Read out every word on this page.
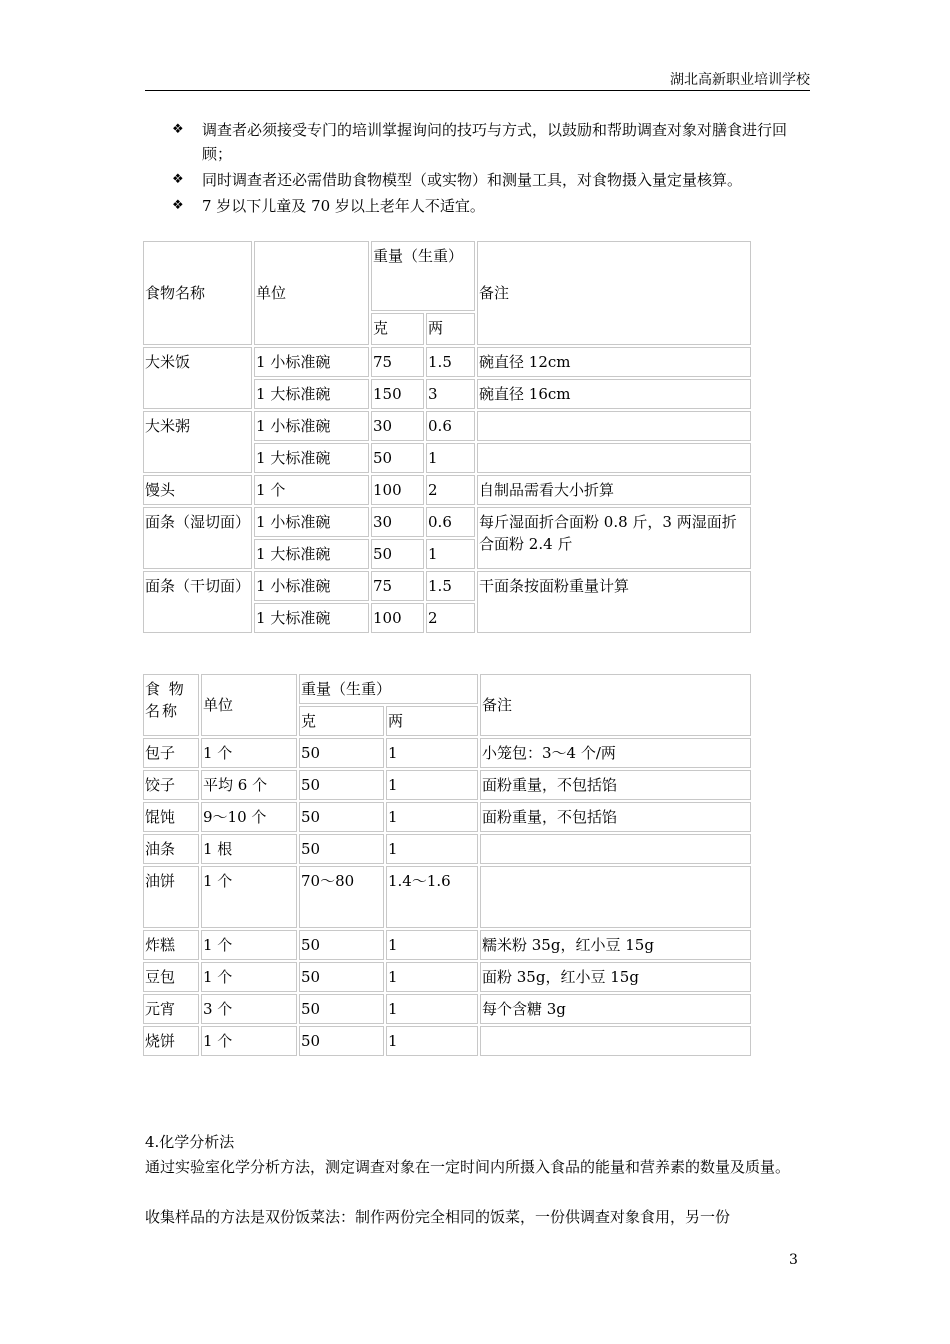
湖北高新职业培训学校
❖ 调查者必须接受专门的培训掌握询问的技巧与方式，以鼓励和帮助调查对象对膳食进行回顾；
❖ 同时调查者还必需借助食物模型（或实物）和测量工具，对食物摄入量定量核算。
❖ 7 岁以下儿童及 70 岁以上老年人不适宜。
食物名称	单位	重量（生重）		备注
		克	两	
大米饭	1 小标准碗	75	1.5	碗直径 12cm
	1 大标准碗	150	3	碗直径 16cm
大米粥	1 小标准碗	30	0.6	
	1 大标准碗	50	1	
馒头	1 个	100	2	自制品需看大小折算
面条（湿切面）	1 小标准碗	30	0.6	每斤湿面折合面粉 0.8 斤，3 两湿面折合面粉 2.4 斤
	1 大标准碗	50	1	
面条（干切面）	1 小标准碗	75	1.5	干面条按面粉重量计算
	1 大标准碗	100	2	
食 物 名称	单位	重量（生重）		备注
		克	两	
包子	1 个	50	1	小笼包：3～4 个/两
饺子	平均 6 个	50	1	面粉重量，不包括馅
馄饨	9～10 个	50	1	面粉重量，不包括馅
油条	1 根	50	1	
油饼	1 个	70～80	1.4～1.6	
炸糕	1 个	50	1	糯米粉 35g，红小豆 15g
豆包	1 个	50	1	面粉 35g，红小豆 15g
元宵	3 个	50	1	每个含糖 3g
烧饼	1 个	50	1	
4.化学分析法
通过实验室化学分析方法，测定调查对象在一定时间内所摄入食品的能量和营养素的数量及质量。
收集样品的方法是双份饭菜法：制作两份完全相同的饭菜，一份供调查对象食用，另一份
3
